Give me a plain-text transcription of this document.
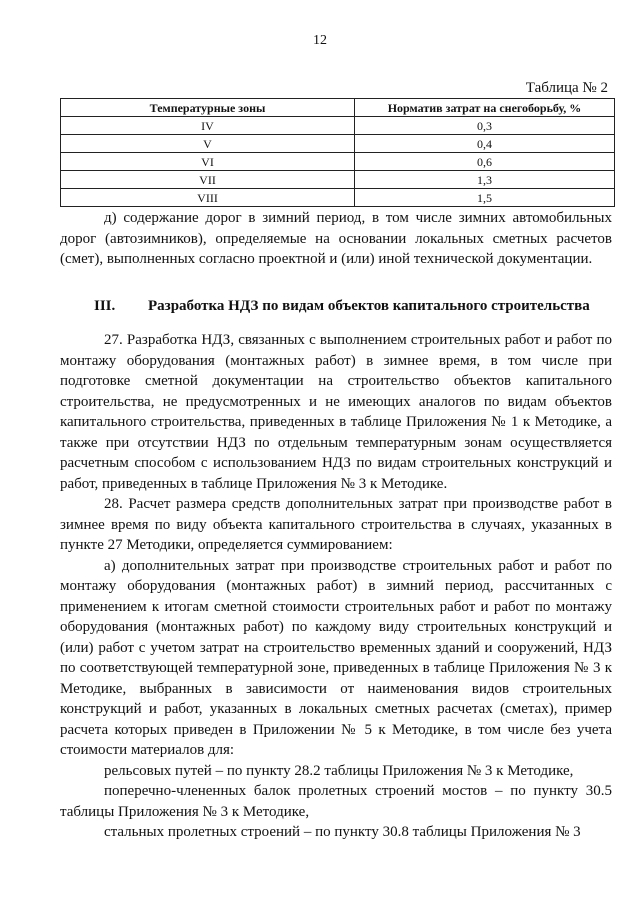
12
Таблица № 2
Температурные зоны	Норматив затрат на снегоборьбу, %
IV	0,3
V	0,4
VI	0,6
VII	1,3
VIII	1,5

д) содержание дорог в зимний период, в том числе зимних автомобильных дорог (автозимников), определяемые на основании локальных сметных расчетов (смет), выполненных согласно проектной и (или) иной технической документации.

III. Разработка НДЗ по видам объектов капитального строительства

27. Разработка НДЗ, связанных с выполнением строительных работ и работ по монтажу оборудования (монтажных работ) в зимнее время, в том числе при подготовке сметной документации на строительство объектов капитального строительства, не предусмотренных и не имеющих аналогов по видам объектов капитального строительства, приведенных в таблице Приложения № 1 к Методике, а также при отсутствии НДЗ по отдельным температурным зонам осуществляется расчетным способом с использованием НДЗ по видам строительных конструкций и работ, приведенных в таблице Приложения № 3 к Методике.

28. Расчет размера средств дополнительных затрат при производстве работ в зимнее время по виду объекта капитального строительства в случаях, указанных в пункте 27 Методики, определяется суммированием:

а) дополнительных затрат при производстве строительных работ и работ по монтажу оборудования (монтажных работ) в зимний период, рассчитанных с применением к итогам сметной стоимости строительных работ и работ по монтажу оборудования (монтажных работ) по каждому виду строительных конструкций и (или) работ с учетом затрат на строительство временных зданий и сооружений, НДЗ по соответствующей температурной зоне, приведенных в таблице Приложения № 3 к Методике, выбранных в зависимости от наименования видов строительных конструкций и работ, указанных в локальных сметных расчетах (сметах), пример расчета которых приведен в Приложении № 5 к Методике, в том числе без учета стоимости материалов для:

рельсовых путей – по пункту 28.2 таблицы Приложения № 3 к Методике,

поперечно-члененных балок пролетных строений мостов – по пункту 30.5 таблицы Приложения № 3 к Методике,

стальных пролетных строений – по пункту 30.8 таблицы Приложения № 3
